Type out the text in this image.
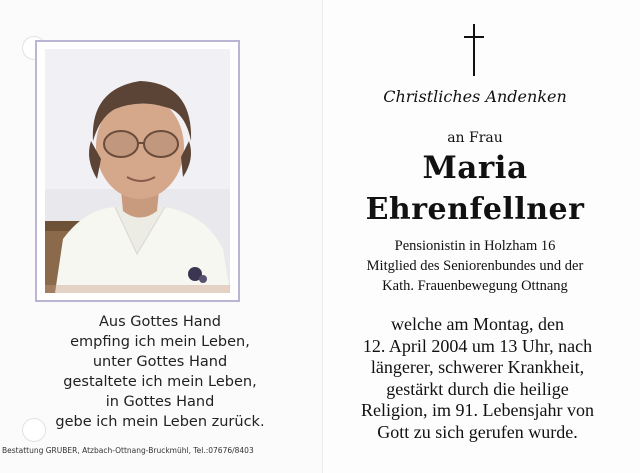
Aus Gottes Hand
empfing ich mein Leben,
unter Gottes Hand
gestaltete ich mein Leben,
in Gottes Hand
gebe ich mein Leben zurück.
Bestattung GRUBER, Atzbach-Ottnang-Bruckmühl, Tel.:07676/8403
Christliches Andenken
an Frau
Maria
Ehrenfellner
Pensionistin in Holzham 16
Mitglied des Seniorenbundes und der
Kath. Frauenbewegung Ottnang
welche am Montag, den
12. April 2004 um 13 Uhr, nach
längerer, schwerer Krankheit,
gestärkt durch die heilige
Religion, im 91. Lebensjahr von
Gott zu sich gerufen wurde.
